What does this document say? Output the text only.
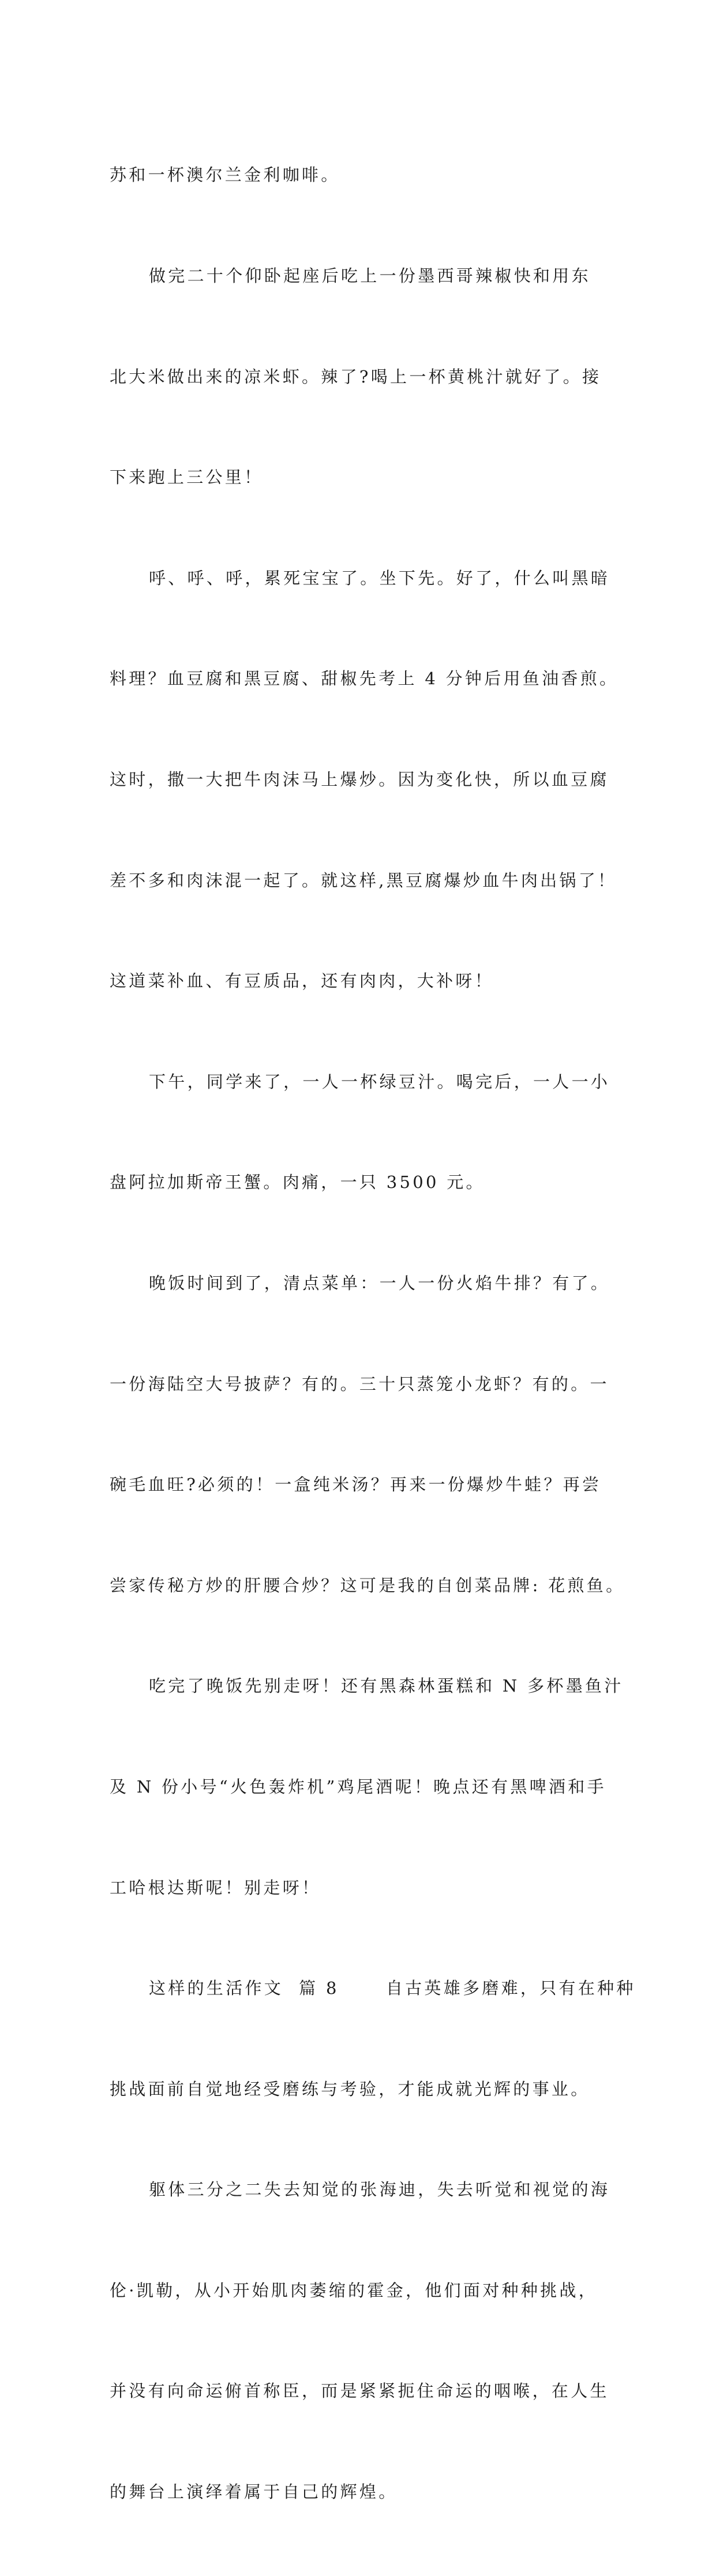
苏和一杯澳尔兰金利咖啡。

做完二十个仰卧起座后吃上一份墨西哥辣椒快和用东

北大米做出来的凉米虾。辣了?喝上一杯黄桃汁就好了。接

下来跑上三公里！

呼、呼、呼，累死宝宝了。坐下先。好了，什么叫黑暗

料理？血豆腐和黑豆腐、甜椒先考上 4 分钟后用鱼油香煎。

这时，撒一大把牛肉沫马上爆炒。因为变化快，所以血豆腐

差不多和肉沫混一起了。就这样,黑豆腐爆炒血牛肉出锅了！

这道菜补血、有豆质品，还有肉肉，大补呀！

下午，同学来了，一人一杯绿豆汁。喝完后，一人一小

盘阿拉加斯帝王蟹。肉痛，一只 3500 元。

晚饭时间到了，清点菜单：一人一份火焰牛排？有了。

一份海陆空大号披萨？有的。三十只蒸笼小龙虾？有的。一

碗毛血旺?必须的！一盒纯米汤？再来一份爆炒牛蛙？再尝

尝家传秘方炒的肝腰合炒？这可是我的自创菜品牌: 花煎鱼。

吃完了晚饭先别走呀！还有黑森林蛋糕和 N 多杯墨鱼汁

及 N 份小号“火色轰炸机”鸡尾酒呢！晚点还有黑啤酒和手

工哈根达斯呢！别走呀！

这样的生活作文  篇 8      自古英雄多磨难，只有在种种

挑战面前自觉地经受磨练与考验，才能成就光辉的事业。

躯体三分之二失去知觉的张海迪，失去听觉和视觉的海

伦·凯勒，从小开始肌肉萎缩的霍金，他们面对种种挑战，

并没有向命运俯首称臣，而是紧紧扼住命运的咽喉，在人生

的舞台上演绎着属于自己的辉煌。
